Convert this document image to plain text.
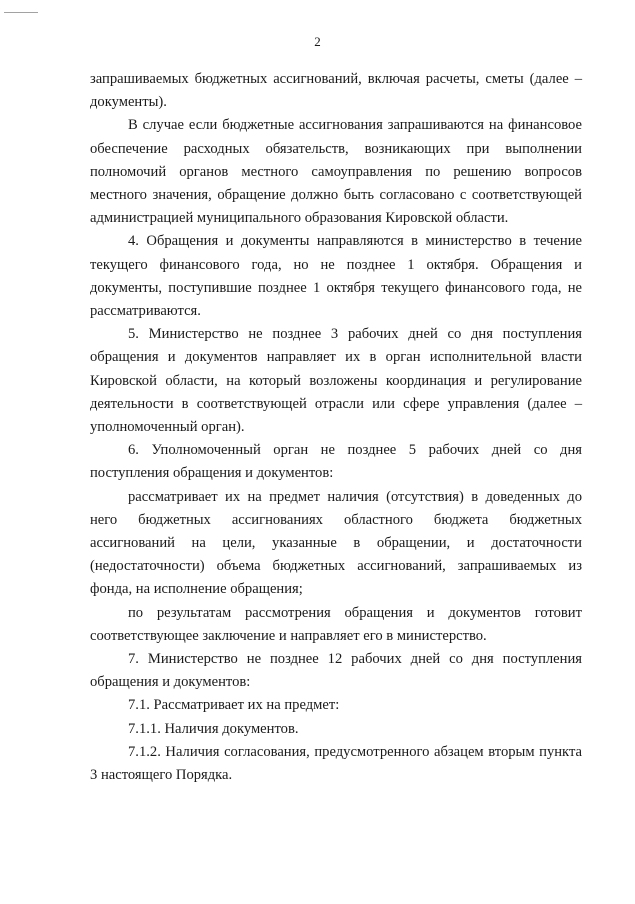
2

запрашиваемых бюджетных ассигнований, включая расчеты, сметы (далее – документы).

В случае если бюджетные ассигнования запрашиваются на финансовое обеспечение расходных обязательств, возникающих при выполнении полномочий органов местного самоуправления по решению вопросов местного значения, обращение должно быть согласовано с соответствующей администрацией муниципального образования Кировской области.

4. Обращения и документы направляются в министерство в течение текущего финансового года, но не позднее 1 октября. Обращения и документы, поступившие позднее 1 октября текущего финансового года, не рассматриваются.

5. Министерство не позднее 3 рабочих дней со дня поступления обращения и документов направляет их в орган исполнительной власти Кировской области, на который возложены координация и регулирование деятельности в соответствующей отрасли или сфере управления (далее – уполномоченный орган).

6. Уполномоченный орган не позднее 5 рабочих дней со дня поступления обращения и документов:

рассматривает их на предмет наличия (отсутствия) в доведенных до него бюджетных ассигнованиях областного бюджета бюджетных ассигнований на цели, указанные в обращении, и достаточности (недостаточности) объема бюджетных ассигнований, запрашиваемых из фонда, на исполнение обращения;

по результатам рассмотрения обращения и документов готовит соответствующее заключение и направляет его в министерство.

7. Министерство не позднее 12 рабочих дней со дня поступления обращения и документов:

7.1. Рассматривает их на предмет:

7.1.1. Наличия документов.

7.1.2. Наличия согласования, предусмотренного абзацем вторым пункта 3 настоящего Порядка.
